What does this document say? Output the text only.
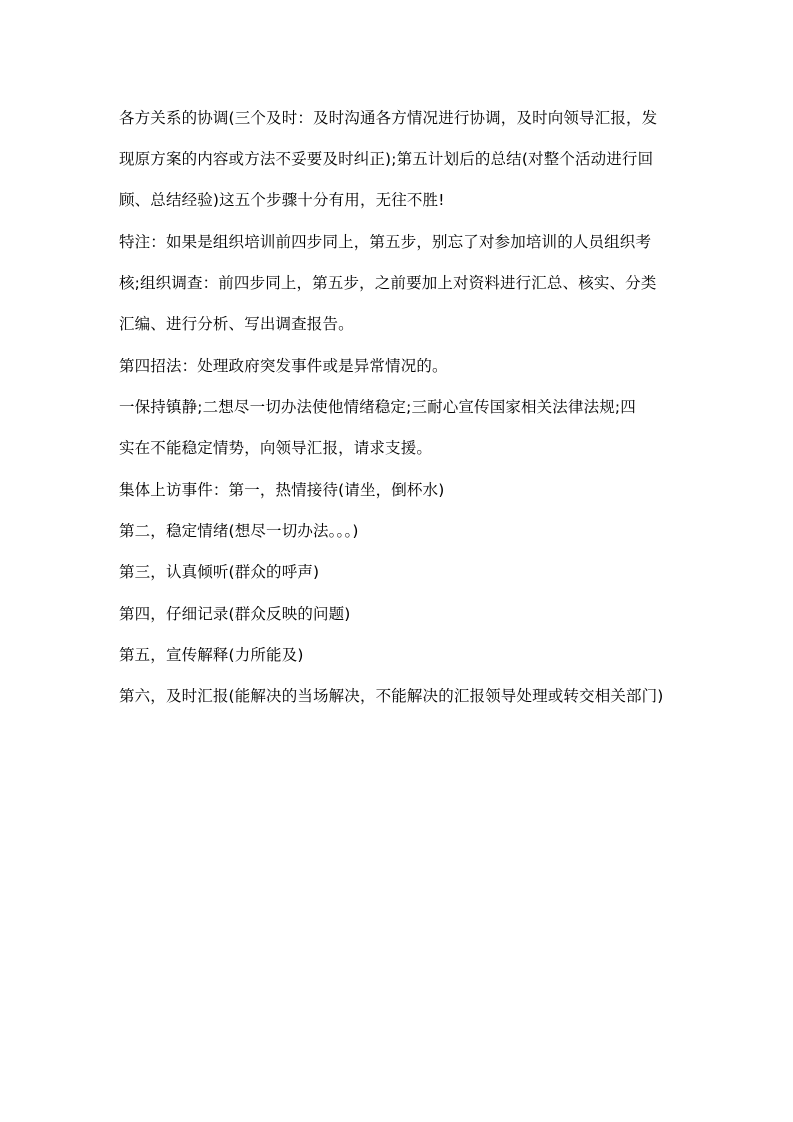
各方关系的协调(三个及时：及时沟通各方情况进行协调，及时向领导汇报，发
现原方案的内容或方法不妥要及时纠正);第五计划后的总结(对整个活动进行回
顾、总结经验)这五个步骤十分有用，无往不胜!
特注：如果是组织培训前四步同上，第五步，别忘了对参加培训的人员组织考
核;组织调查：前四步同上，第五步，之前要加上对资料进行汇总、核实、分类
汇编、进行分析、写出调查报告。
第四招法：处理政府突发事件或是异常情况的。
一保持镇静;二想尽一切办法使他情绪稳定;三耐心宣传国家相关法律法规;四
实在不能稳定情势，向领导汇报，请求支援。
集体上访事件：第一，热情接待(请坐，倒杯水)
第二，稳定情绪(想尽一切办法。。。)
第三，认真倾听(群众的呼声)
第四，仔细记录(群众反映的问题)
第五，宣传解释(力所能及)
第六，及时汇报(能解决的当场解决，不能解决的汇报领导处理或转交相关部门)
